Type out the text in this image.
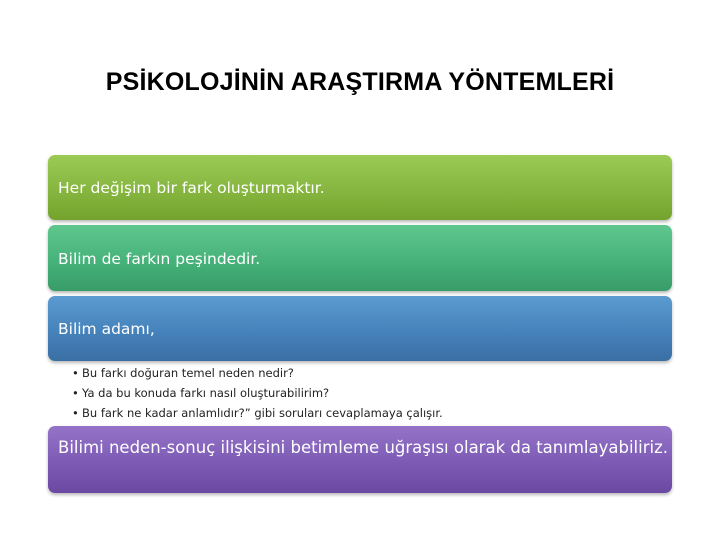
PSİKOLOJİNİN ARAŞTIRMA YÖNTEMLERİ
Her değişim bir fark oluşturmaktır.
Bilim de farkın peşindedir.
Bilim adamı,
• Bu farkı doğuran temel neden nedir?
• Ya da bu konuda farkı nasıl oluşturabilirim?
• Bu fark ne kadar anlamlıdır?” gibi soruları cevaplamaya çalışır.
Bilimi neden-sonuç ilişkisini betimleme uğraşısı olarak da tanımlayabiliriz.
